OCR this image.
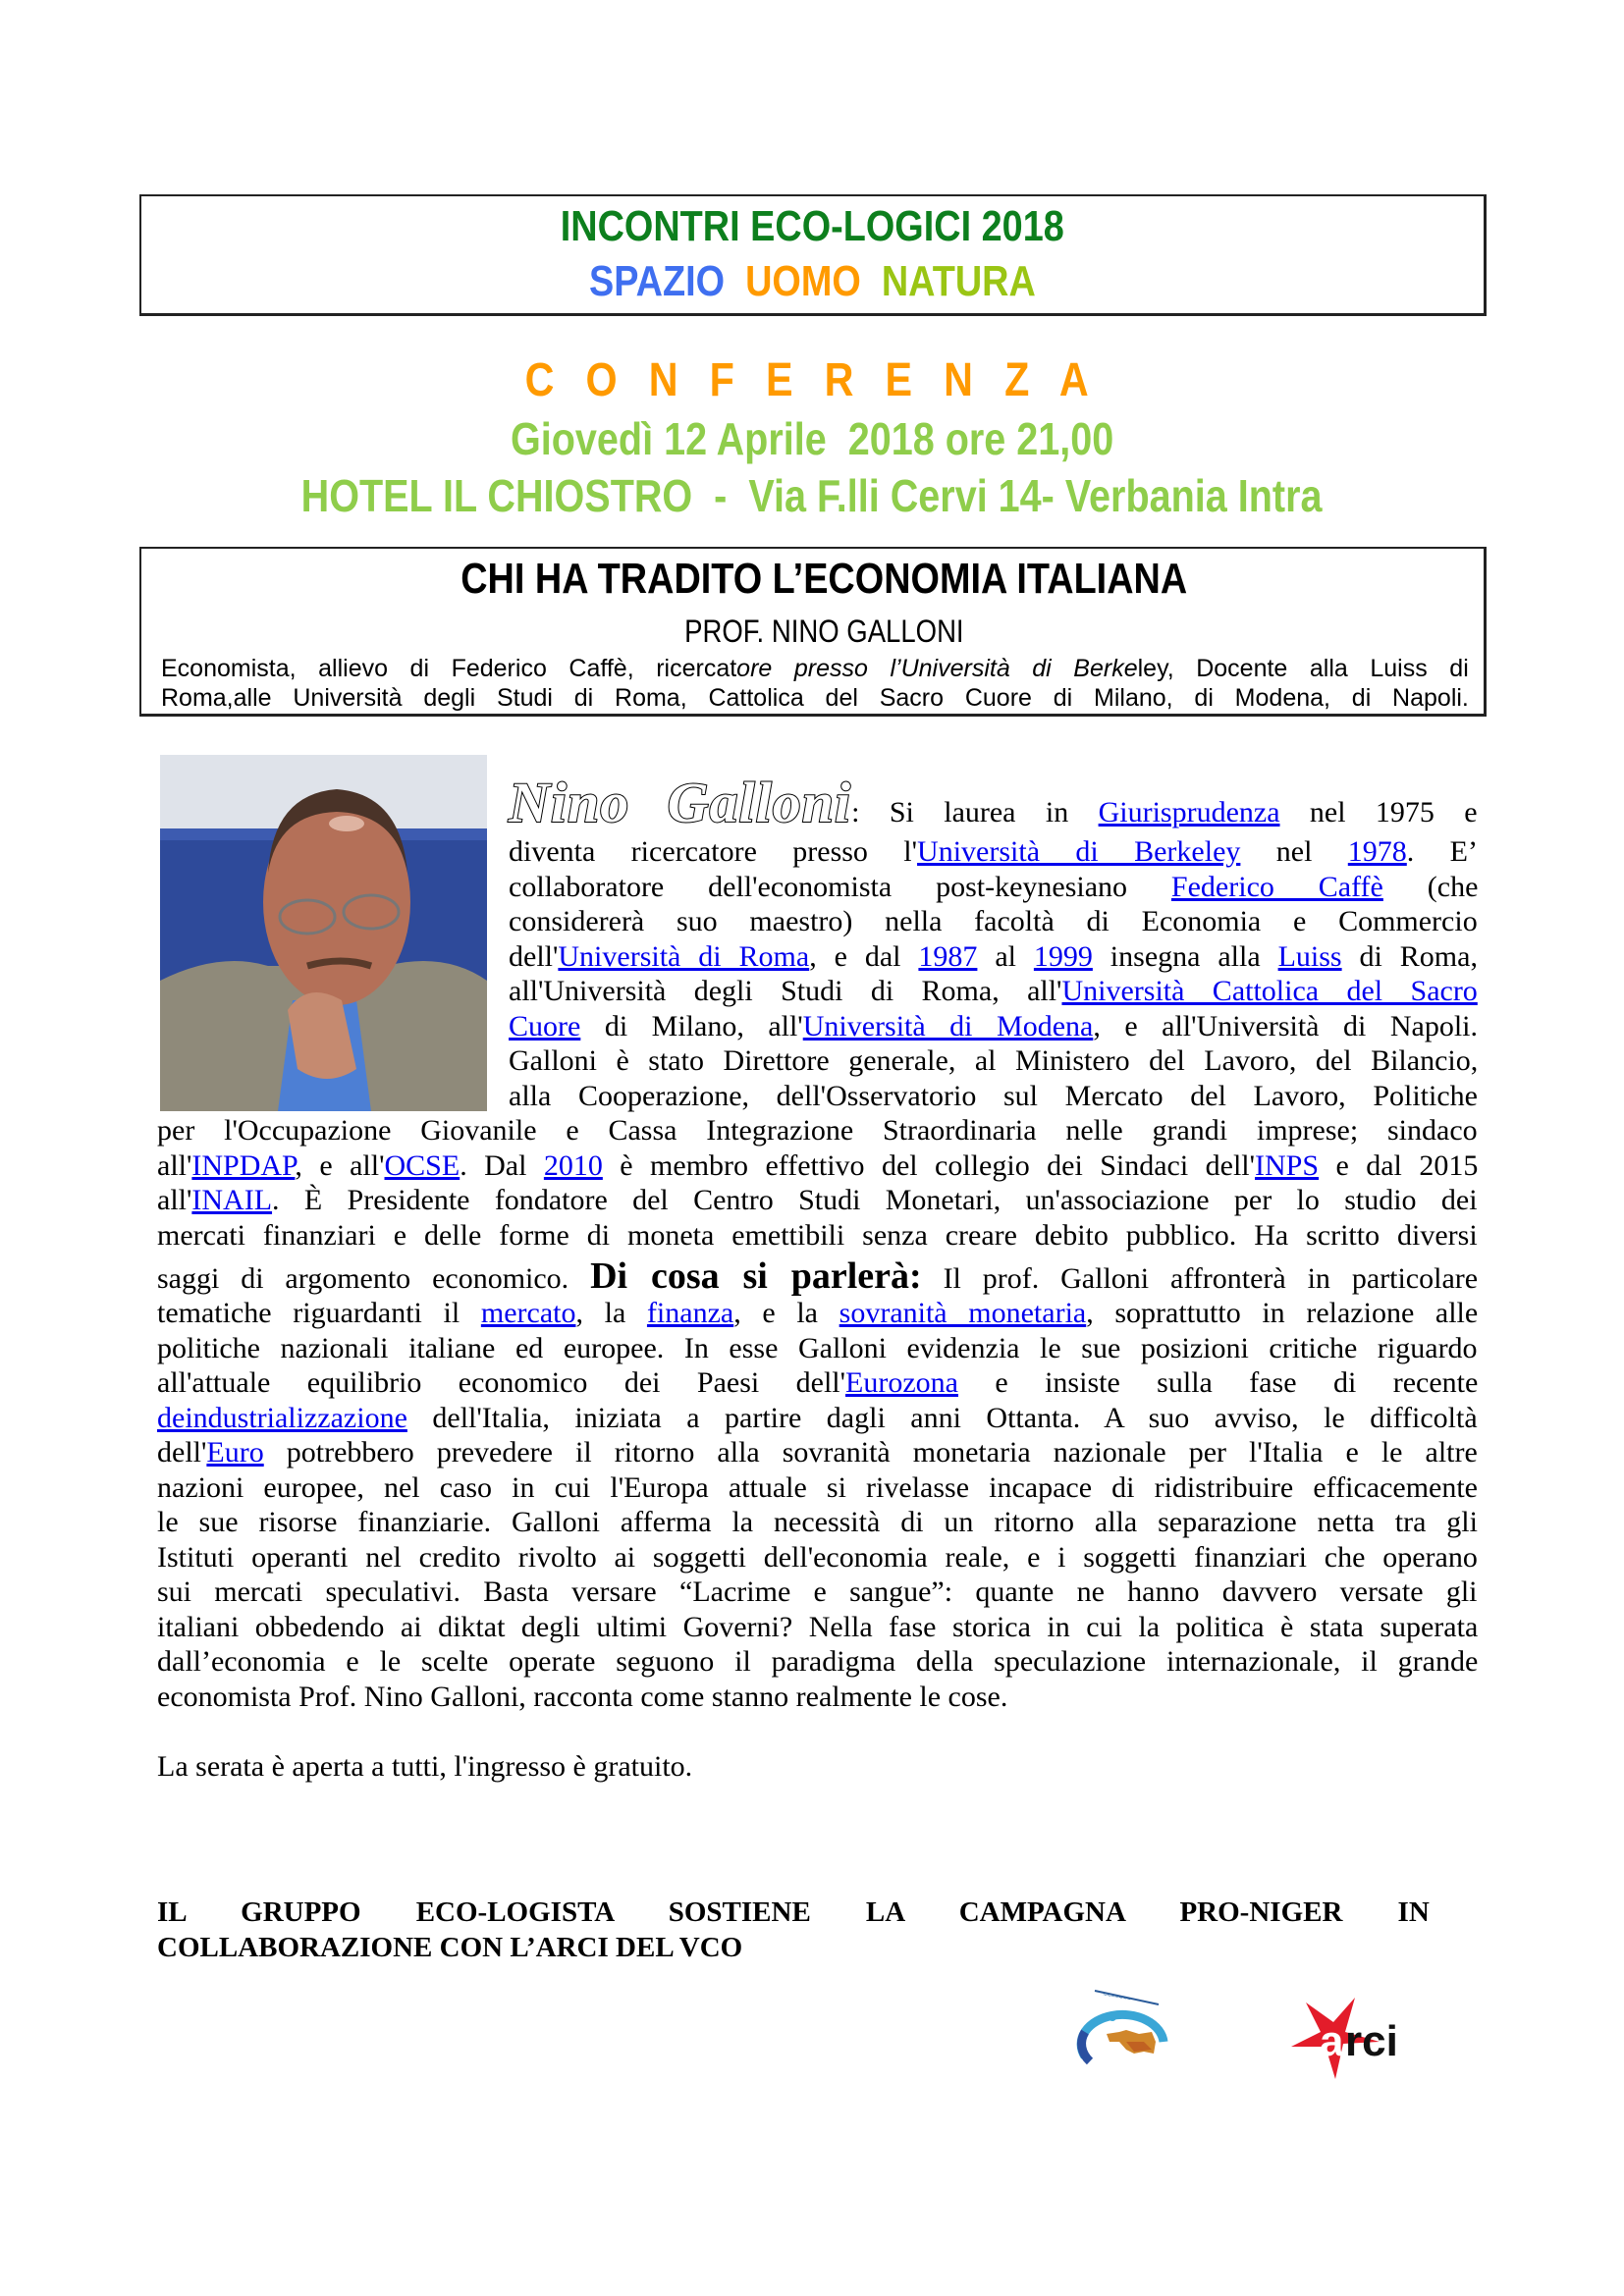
INCONTRI ECO-LOGICI 2018
SPAZIO UOMO NATURA
C O N F E R E N Z A
Giovedì 12 Aprile  2018 ore 21,00
HOTEL IL CHIOSTRO  -  Via F.lli Cervi 14- Verbania Intra
CHI HA TRADITO L’ECONOMIA ITALIANA
PROF. NINO GALLONI
Economista, allievo di Federico Caffè, ricercatore presso l’Università di Berkeley, Docente alla Luiss di
Roma,alle Università degli Studi di Roma, Cattolica del Sacro Cuore di Milano, di Modena, di Napoli.
Nino Galloni: Si laurea in Giurisprudenza nel 1975 e
diventa ricercatore presso l'Università di Berkeley nel 1978. E’
collaboratore dell'economista post-keynesiano Federico Caffè (che
considererà suo maestro) nella facoltà di Economia e Commercio
dell'Università di Roma, e dal 1987 al 1999 insegna alla Luiss di Roma,
all'Università degli Studi di Roma, all'Università Cattolica del Sacro
Cuore di Milano, all'Università di Modena, e all'Università di Napoli.
Galloni è stato Direttore generale, al Ministero del Lavoro, del Bilancio,
alla Cooperazione, dell'Osservatorio sul Mercato del Lavoro, Politiche
per l'Occupazione Giovanile e Cassa Integrazione Straordinaria nelle grandi imprese; sindaco
all'INPDAP, e all'OCSE. Dal 2010 è membro effettivo del collegio dei Sindaci dell'INPS e dal 2015
all'INAIL. È Presidente fondatore del Centro Studi Monetari, un'associazione per lo studio dei
mercati finanziari e delle forme di moneta emettibili senza creare debito pubblico. Ha scritto diversi
saggi di argomento economico. Di cosa si parlerà: Il prof. Galloni affronterà in particolare
tematiche riguardanti il mercato, la finanza, e la sovranità monetaria, soprattutto in relazione alle
politiche nazionali italiane ed europee. In esse Galloni evidenzia le sue posizioni critiche riguardo
all'attuale equilibrio economico dei Paesi dell'Eurozona e insiste sulla fase di recente
deindustrializzazione dell'Italia, iniziata a partire dagli anni Ottanta. A suo avviso, le difficoltà
dell'Euro potrebbero prevedere il ritorno alla sovranità monetaria nazionale per l'Italia e le altre
nazioni europee, nel caso in cui l'Europa attuale si rivelasse incapace di ridistribuire efficacemente
le sue risorse finanziarie. Galloni afferma la necessità di un ritorno alla separazione netta tra gli
Istituti operanti nel credito rivolto ai soggetti dell'economia reale, e i soggetti finanziari che operano
sui mercati speculativi. Basta versare “Lacrime e sangue”: quante ne hanno davvero versate gli
italiani obbedendo ai diktat degli ultimi Governi? Nella fase storica in cui la politica è stata superata
dall’economia e le scelte operate seguono il paradigma della speculazione internazionale, il grande
economista Prof. Nino Galloni, racconta come stanno realmente le cose.
La serata è aperta a tutti, l'ingresso è gratuito.
IL GRUPPO ECO-LOGISTA SOSTIENE LA CAMPAGNA PRO-NIGER IN
COLLABORAZIONE CON L’ARCI DEL VCO
~~~~~~~
a rci
